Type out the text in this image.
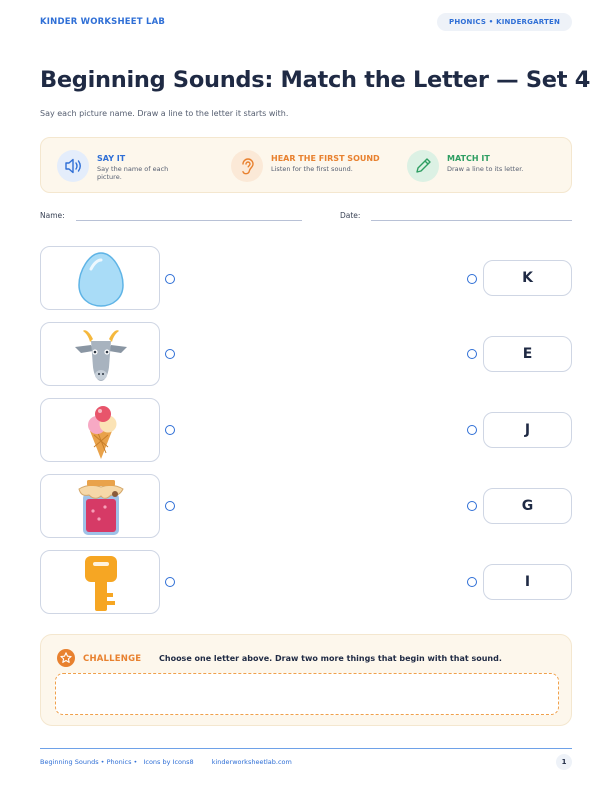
KINDER WORKSHEET LAB	PHONICS • KINDERGARTEN
Beginning Sounds: Match the Letter — Set 4

Say each picture name. Draw a line to the letter it starts with.

SAY IT
Say the name of each picture.
HEAR THE FIRST SOUND
Listen for the first sound.
MATCH IT
Draw a line to its letter.
Name:	Date:
K
E
J
G
I
CHALLENGE Choose one letter above. Draw two more things that begin with that sound.
Beginning Sounds • Phonics • Icons by Icons8	kinderworksheetlab.com	1
